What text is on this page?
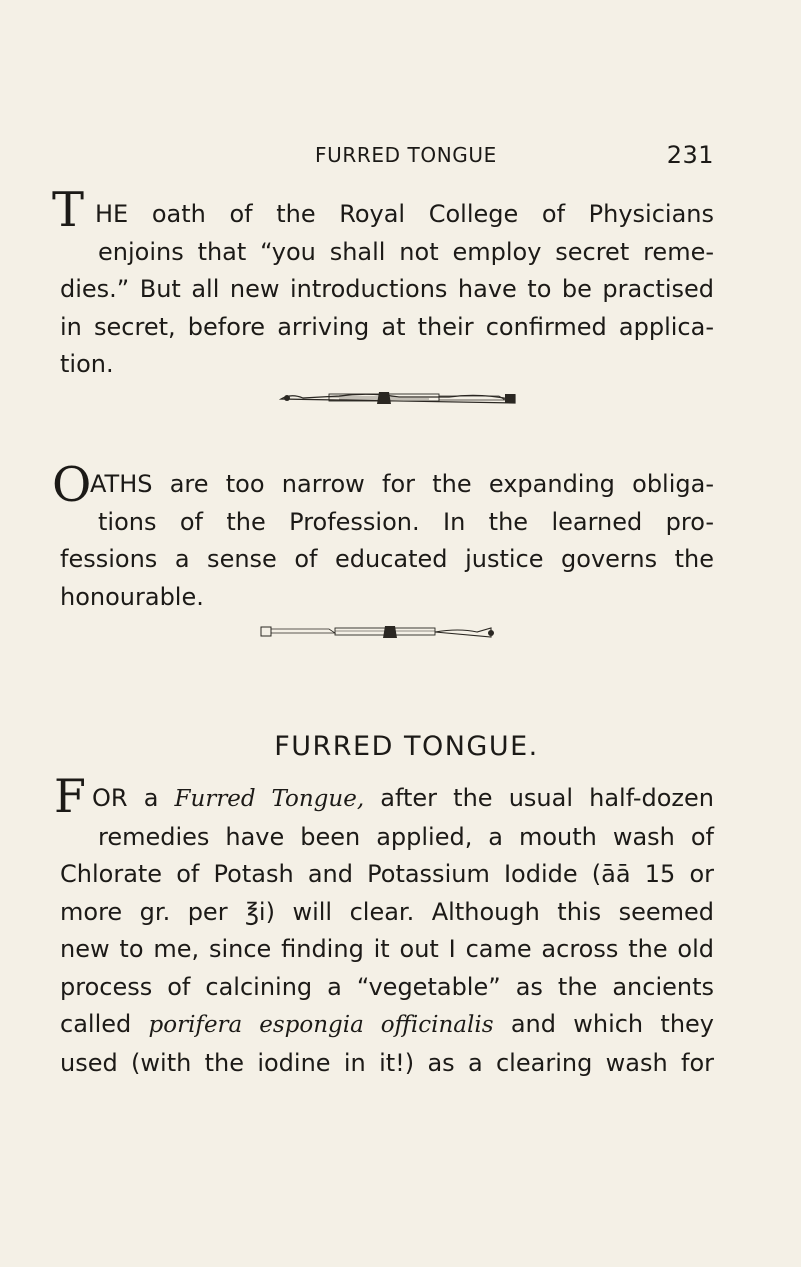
FURRED TONGUE	231
T HE oath of the Royal College of Physicians
enjoins that “you shall not employ secret reme-
dies.” But all new introductions have to be practised
in secret, before arriving at their confirmed applica-
tion.
O
ATHS are too narrow for the expanding obliga-
tions of the Profession. In the learned pro-
fessions a sense of educated justice governs the
honourable.
FURRED TONGUE.
F OR a Furred Tongue, after the usual half-dozen
remedies have been applied, a mouth wash of
Chlorate of Potash and Potassium Iodide (āā 15 or
more gr. per ℥i) will clear. Although this seemed
new to me, since finding it out I came across the old
process of calcining a “vegetable” as the ancients
called porifera espongia officinalis and which they
used (with the iodine in it!) as a clearing wash for
